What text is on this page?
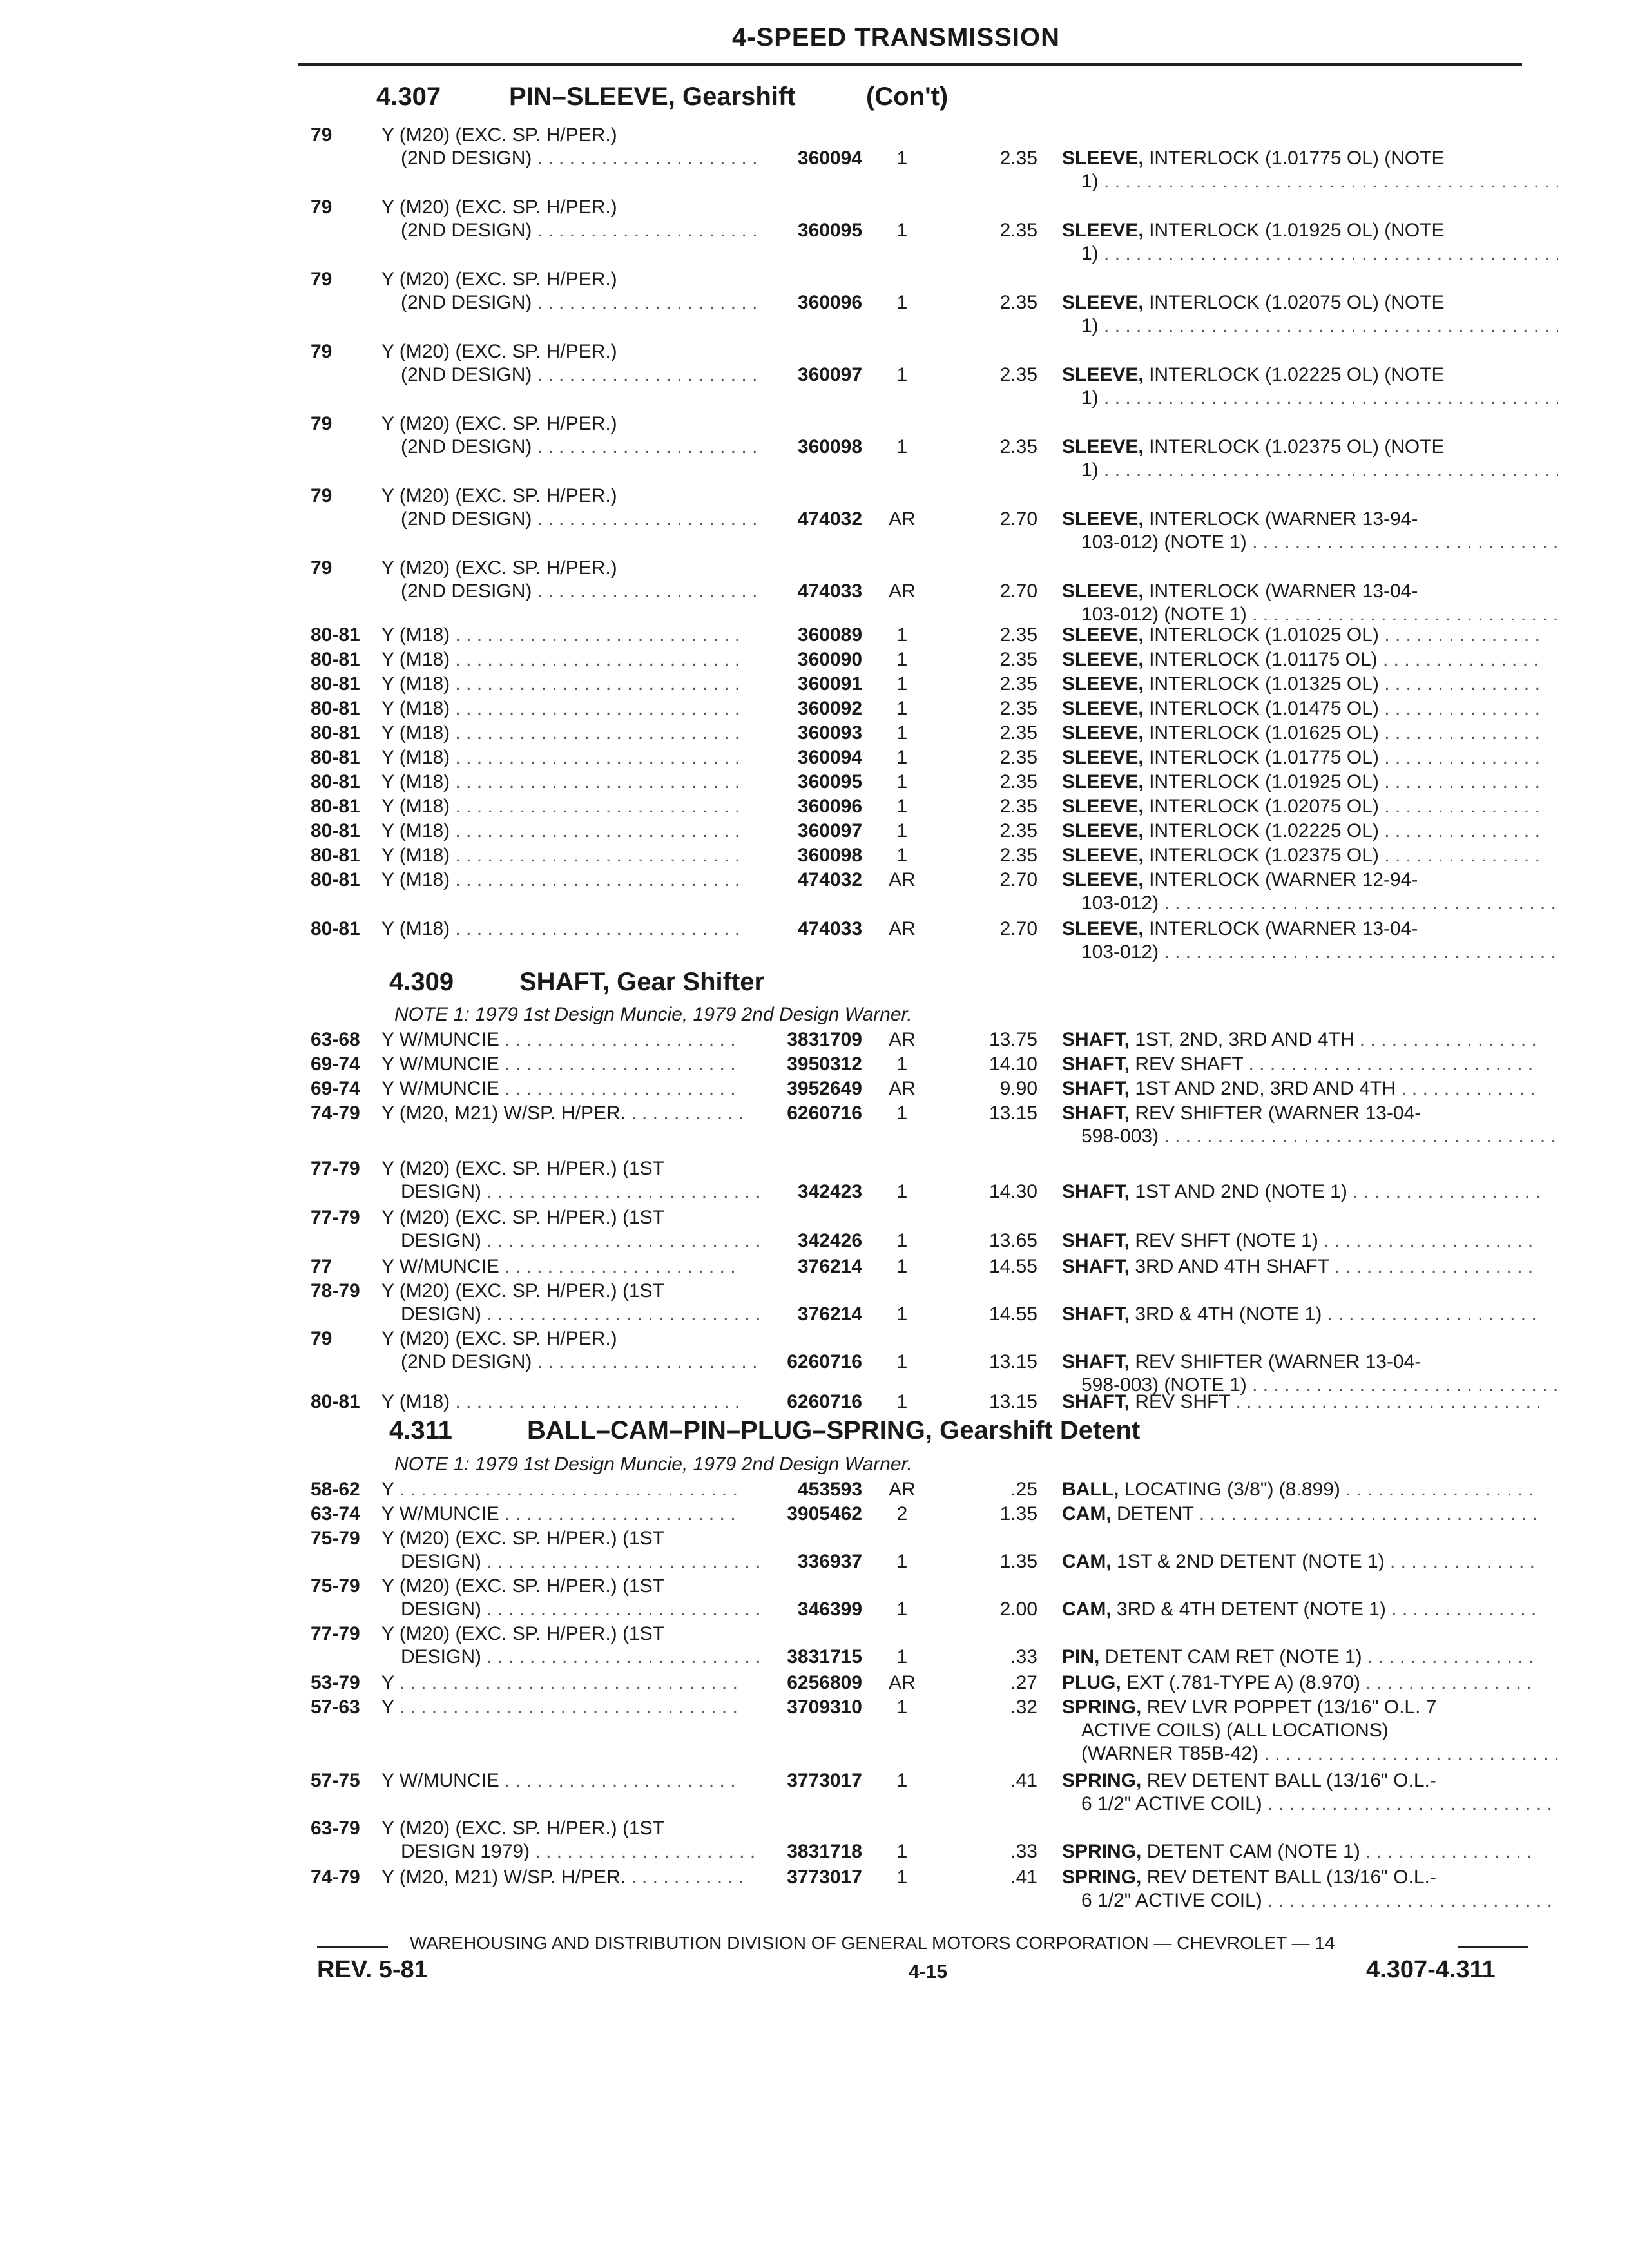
4-SPEED TRANSMISSION
4.307	PIN–SLEEVE, Gearshift	(Con't)
79	Y (M20) (EXC. SP. H/PER.)
(2ND DESIGN) . . .	360094	1	2.35 SLEEVE, INTERLOCK (1.01775 OL) (NOTE
1) . . .
79	Y (M20) (EXC. SP. H/PER.)
(2ND DESIGN) . . .	360095	1	2.35 SLEEVE, INTERLOCK (1.01925 OL) (NOTE
1) . . .
79	Y (M20) (EXC. SP. H/PER.)
(2ND DESIGN) . . .	360096	1	2.35 SLEEVE, INTERLOCK (1.02075 OL) (NOTE
1) . . .
79	Y (M20) (EXC. SP. H/PER.)
(2ND DESIGN) . . .	360097	1	2.35 SLEEVE, INTERLOCK (1.02225 OL) (NOTE
1) . . .
79	Y (M20) (EXC. SP. H/PER.)
(2ND DESIGN) . . .	360098	1	2.35 SLEEVE, INTERLOCK (1.02375 OL) (NOTE
1) . . .
79	Y (M20) (EXC. SP. H/PER.)
(2ND DESIGN) . . .	474032	AR	2.70 SLEEVE, INTERLOCK (WARNER 13-94-
103-012) (NOTE 1) . . .
79	Y (M20) (EXC. SP. H/PER.)
(2ND DESIGN) . . .	474033	AR	2.70 SLEEVE, INTERLOCK (WARNER 13-04-
103-012) (NOTE 1) . . .
80-81 Y (M18) . . .	360089	1	2.35 SLEEVE, INTERLOCK (1.01025 OL) . . .
80-81 Y (M18) . . .	360090	1	2.35 SLEEVE, INTERLOCK (1.01175 OL) . . .
80-81 Y (M18) . . .	360091	1	2.35 SLEEVE, INTERLOCK (1.01325 OL) . . .
80-81 Y (M18) . . .	360092	1	2.35 SLEEVE, INTERLOCK (1.01475 OL) . . .
80-81 Y (M18) . . .	360093	1	2.35 SLEEVE, INTERLOCK (1.01625 OL) . . .
80-81 Y (M18) . . .	360094	1	2.35 SLEEVE, INTERLOCK (1.01775 OL) . . .
80-81 Y (M18) . . .	360095	1	2.35 SLEEVE, INTERLOCK (1.01925 OL) . . .
80-81 Y (M18) . . .	360096	1	2.35 SLEEVE, INTERLOCK (1.02075 OL) . . .
80-81 Y (M18) . . .	360097	1	2.35 SLEEVE, INTERLOCK (1.02225 OL) . . .
80-81 Y (M18) . . .	360098	1	2.35 SLEEVE, INTERLOCK (1.02375 OL) . . .
80-81 Y (M18) . . .	474032	AR	2.70 SLEEVE, INTERLOCK (WARNER 12-94-
103-012) . . .
80-81 Y (M18) . . .	474033	AR	2.70 SLEEVE, INTERLOCK (WARNER 13-04-
103-012) . . .
4.309	SHAFT, Gear Shifter
NOTE 1: 1979 1st Design Muncie, 1979 2nd Design Warner.
63-68 Y W/MUNCIE . . .	3831709	AR	13.75 SHAFT, 1ST, 2ND, 3RD AND 4TH . . .
69-74 Y W/MUNCIE . . .	3950312	1	14.10 SHAFT, REV SHAFT . . .
69-74 Y W/MUNCIE . . .	3952649	AR	9.90 SHAFT, 1ST AND 2ND, 3RD AND 4TH . . .
74-79 Y (M20, M21) W/SP. H/PER. . . .	6260716	1	13.15 SHAFT, REV SHIFTER (WARNER 13-04-
598-003) . . .
77-79 Y (M20) (EXC. SP. H/PER.) (1ST
DESIGN) . . .	342423	1	14.30 SHAFT, 1ST AND 2ND (NOTE 1) . . .
77-79 Y (M20) (EXC. SP. H/PER.) (1ST
DESIGN) . . .	342426	1	13.65 SHAFT, REV SHFT (NOTE 1) . . .
77	Y W/MUNCIE . . .	376214	1	14.55 SHAFT, 3RD AND 4TH SHAFT . . .
78-79 Y (M20) (EXC. SP. H/PER.) (1ST
DESIGN) . . .	376214	1	14.55 SHAFT, 3RD & 4TH (NOTE 1) . . .
79	Y (M20) (EXC. SP. H/PER.)
(2ND DESIGN) . . .	6260716	1	13.15 SHAFT, REV SHIFTER (WARNER 13-04-
598-003) (NOTE 1) . . .
80-81 Y (M18) . . .	6260716	1	13.15 SHAFT, REV SHFT . . .
4.311	BALL–CAM–PIN–PLUG–SPRING, Gearshift Detent
NOTE 1: 1979 1st Design Muncie, 1979 2nd Design Warner.
58-62 Y . . .	453593	AR	.25 BALL, LOCATING (3/8") (8.899) . . .
63-74 Y W/MUNCIE . . .	3905462	2	1.35 CAM, DETENT . . .
75-79 Y (M20) (EXC. SP. H/PER.) (1ST
DESIGN) . . .	336937	1	1.35 CAM, 1ST & 2ND DETENT (NOTE 1) . . .
75-79 Y (M20) (EXC. SP. H/PER.) (1ST
DESIGN) . . .	346399	1	2.00 CAM, 3RD & 4TH DETENT (NOTE 1) . . .
77-79 Y (M20) (EXC. SP. H/PER.) (1ST
DESIGN) . . .	3831715	1	.33 PIN, DETENT CAM RET (NOTE 1) . . .
53-79 Y . . .	6256809	AR	.27 PLUG, EXT (.781-TYPE A) (8.970) . . .
57-63 Y . . .	3709310	1	.32 SPRING, REV LVR POPPET (13/16" O.L. 7
ACTIVE COILS) (ALL LOCATIONS)
(WARNER T85B-42) . . .
57-75 Y W/MUNCIE . . .	3773017	1	.41 SPRING, REV DETENT BALL (13/16" O.L.-
6 1/2" ACTIVE COIL) . . .
63-79 Y (M20) (EXC. SP. H/PER.) (1ST
DESIGN 1979) . . .	3831718	1	.33 SPRING, DETENT CAM (NOTE 1) . . .
74-79 Y (M20, M21) W/SP. H/PER. . . .	3773017	1	.41 SPRING, REV DETENT BALL (13/16" O.L.-
6 1/2" ACTIVE COIL) . . .
WAREHOUSING AND DISTRIBUTION DIVISION OF GENERAL MOTORS CORPORATION — CHEVROLET — 14
REV. 5-81	4-15	4.307-4.311
